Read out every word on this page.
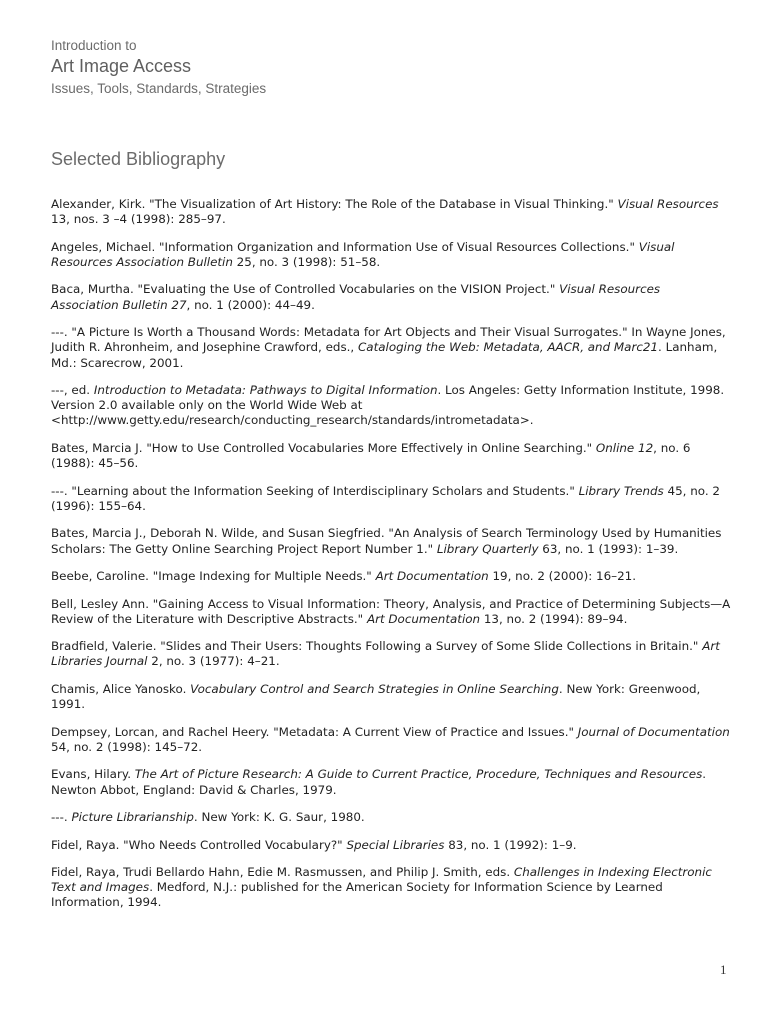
Introduction to
Art Image Access
Issues, Tools, Standards, Strategies
Selected Bibliography

Alexander, Kirk. "The Visualization of Art History: The Role of the Database in Visual Thinking." Visual Resources 13, nos. 3 –4 (1998): 285–97.

Angeles, Michael. "Information Organization and Information Use of Visual Resources Collections." Visual Resources Association Bulletin 25, no. 3 (1998): 51–58.

Baca, Murtha. "Evaluating the Use of Controlled Vocabularies on the VISION Project." Visual Resources Association Bulletin 27, no. 1 (2000): 44–49.

---. "A Picture Is Worth a Thousand Words: Metadata for Art Objects and Their Visual Surrogates." In Wayne Jones, Judith R. Ahronheim, and Josephine Crawford, eds., Cataloging the Web: Metadata, AACR, and Marc21. Lanham, Md.: Scarecrow, 2001.

---, ed. Introduction to Metadata: Pathways to Digital Information. Los Angeles: Getty Information Institute, 1998. Version 2.0 available only on the World Wide Web at <http://www.getty.edu/research/conducting_research/standards/intrometadata>.

Bates, Marcia J. "How to Use Controlled Vocabularies More Effectively in Online Searching." Online 12, no. 6 (1988): 45–56.

---. "Learning about the Information Seeking of Interdisciplinary Scholars and Students." Library Trends 45, no. 2 (1996): 155–64.

Bates, Marcia J., Deborah N. Wilde, and Susan Siegfried. "An Analysis of Search Terminology Used by Humanities Scholars: The Getty Online Searching Project Report Number 1." Library Quarterly 63, no. 1 (1993): 1–39.

Beebe, Caroline. "Image Indexing for Multiple Needs." Art Documentation 19, no. 2 (2000): 16–21.

Bell, Lesley Ann. "Gaining Access to Visual Information: Theory, Analysis, and Practice of Determining Subjects—A Review of the Literature with Descriptive Abstracts." Art Documentation 13, no. 2 (1994): 89–94.

Bradfield, Valerie. "Slides and Their Users: Thoughts Following a Survey of Some Slide Collections in Britain." Art Libraries Journal 2, no. 3 (1977): 4–21.

Chamis, Alice Yanosko. Vocabulary Control and Search Strategies in Online Searching. New York: Greenwood, 1991.

Dempsey, Lorcan, and Rachel Heery. "Metadata: A Current View of Practice and Issues." Journal of Documentation 54, no. 2 (1998): 145–72.

Evans, Hilary. The Art of Picture Research: A Guide to Current Practice, Procedure, Techniques and Resources. Newton Abbot, England: David & Charles, 1979.

---. Picture Librarianship. New York: K. G. Saur, 1980.

Fidel, Raya. "Who Needs Controlled Vocabulary?" Special Libraries 83, no. 1 (1992): 1–9.

Fidel, Raya, Trudi Bellardo Hahn, Edie M. Rasmussen, and Philip J. Smith, eds. Challenges in Indexing Electronic Text and Images. Medford, N.J.: published for the American Society for Information Science by Learned Information, 1994.

1
